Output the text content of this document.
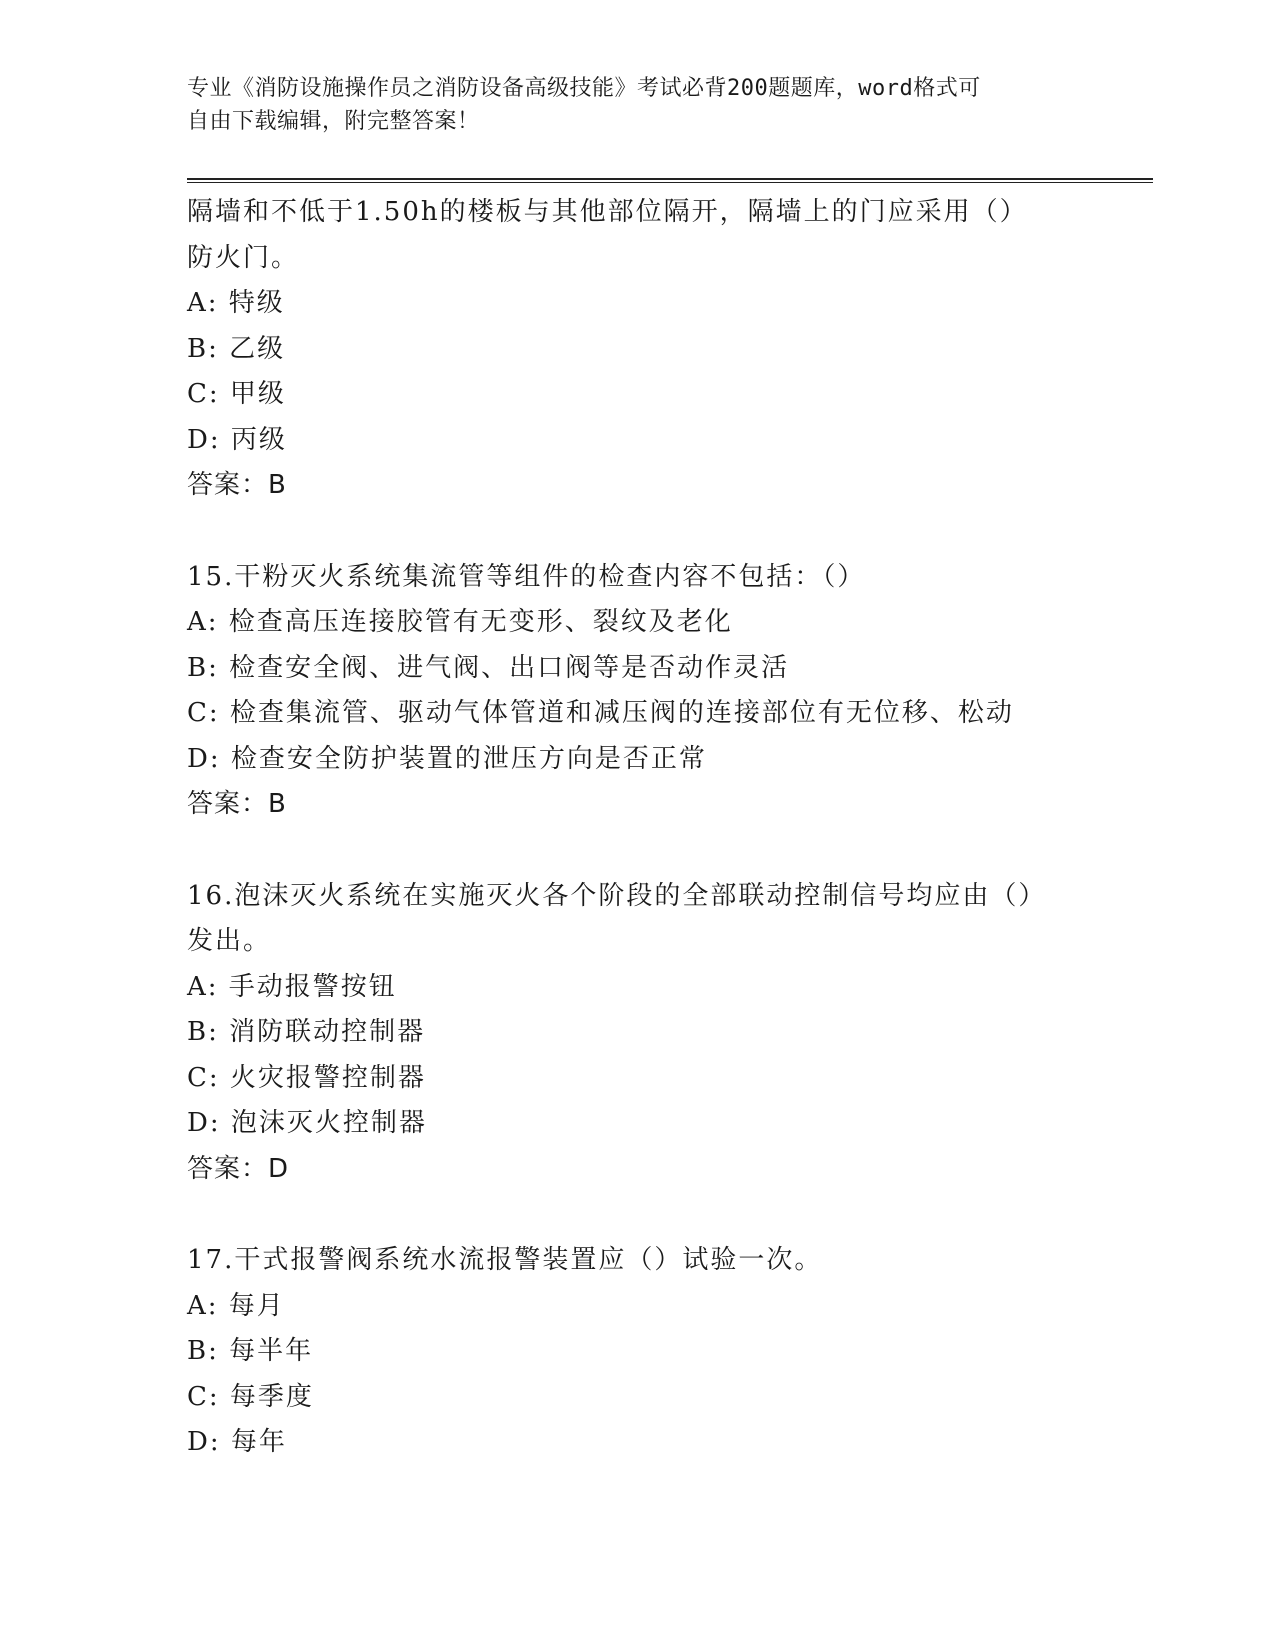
专业《消防设施操作员之消防设备高级技能》考试必背200题题库，word格式可
自由下载编辑，附完整答案！
隔墙和不低于1.50h的楼板与其他部位隔开，隔墙上的门应采用（）
防火门。
A: 特级
B: 乙级
C: 甲级
D: 丙级
答案：B
15.干粉灭火系统集流管等组件的检查内容不包括：（）
A: 检查高压连接胶管有无变形、裂纹及老化
B: 检查安全阀、进气阀、出口阀等是否动作灵活
C: 检查集流管、驱动气体管道和减压阀的连接部位有无位移、松动
D: 检查安全防护装置的泄压方向是否正常
答案：B
16.泡沫灭火系统在实施灭火各个阶段的全部联动控制信号均应由（）
发出。
A: 手动报警按钮
B: 消防联动控制器
C: 火灾报警控制器
D: 泡沫灭火控制器
答案：D
17.干式报警阀系统水流报警装置应（）试验一次。
A: 每月
B: 每半年
C: 每季度
D: 每年
